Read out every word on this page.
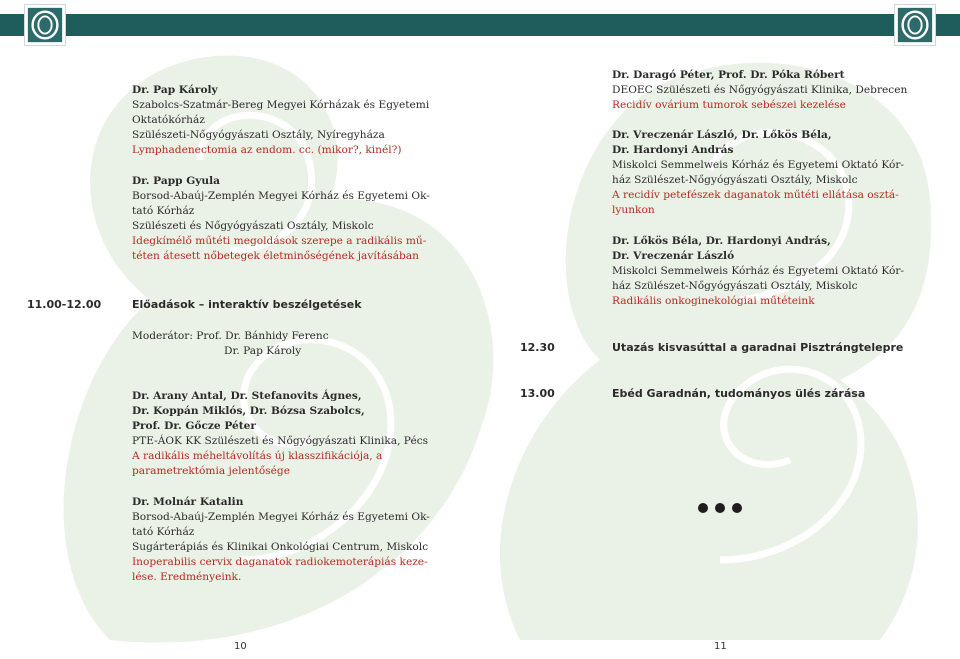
Dr. Pap Károly
Szabolcs-Szatmár-Bereg Megyei Kórházak és Egyetemi
Oktatókórház
Szülészeti-Nőgyógyászati Osztály, Nyíregyháza
Lymphadenectomia az endom. cc. (mikor?, kinél?)
Dr. Papp Gyula
Borsod-Abaúj-Zemplén Megyei Kórház és Egyetemi Ok-
tató Kórház
Szülészeti és Nőgyógyászati Osztály, Miskolc
Idegkímélő műtéti megoldások szerepe a radikális mű-
téten átesett nőbetegek életminőségének javításában
11.00-12.00	Előadások – interaktív beszélgetések
Moderátor: Prof. Dr. Bánhidy Ferenc
Dr. Pap Károly
Dr. Arany Antal, Dr. Stefanovits Ágnes,
Dr. Koppán Miklós, Dr. Bózsa Szabolcs,
Prof. Dr. Gőcze Péter
PTE-ÁOK KK Szülészeti és Nőgyógyászati Klinika, Pécs
A radikális méheltávolítás új klasszifikációja, a
parametrektómia jelentősége
Dr. Molnár Katalin
Borsod-Abaúj-Zemplén Megyei Kórház és Egyetemi Ok-
tató Kórház
Sugárterápiás és Klinikai Onkológiai Centrum, Miskolc
Inoperabilis cervix daganatok radiokemoterápiás keze-
lése. Eredményeink.
10
Dr. Daragó Péter, Prof. Dr. Póka Róbert
DEOEC Szülészeti és Nőgyógyászati Klinika, Debrecen
Recidív ovárium tumorok sebészei kezelése
Dr. Vreczenár László, Dr. Lőkös Béla,
Dr. Hardonyi András
Miskolci Semmelweis Kórház és Egyetemi Oktató Kór-
ház Szülészet-Nőgyógyászati Osztály, Miskolc
A recidív petefészek daganatok műtéti ellátása osztá-
lyunkon
Dr. Lőkös Béla, Dr. Hardonyi András,
Dr. Vreczenár László
Miskolci Semmelweis Kórház és Egyetemi Oktató Kór-
ház Szülészet-Nőgyógyászati Osztály, Miskolc
Radikális onkoginekológiai műtéteink
12.30	Utazás kisvasúttal a garadnai Pisztrángtelepre
13.00	Ebéd Garadnán, tudományos ülés zárása
11
